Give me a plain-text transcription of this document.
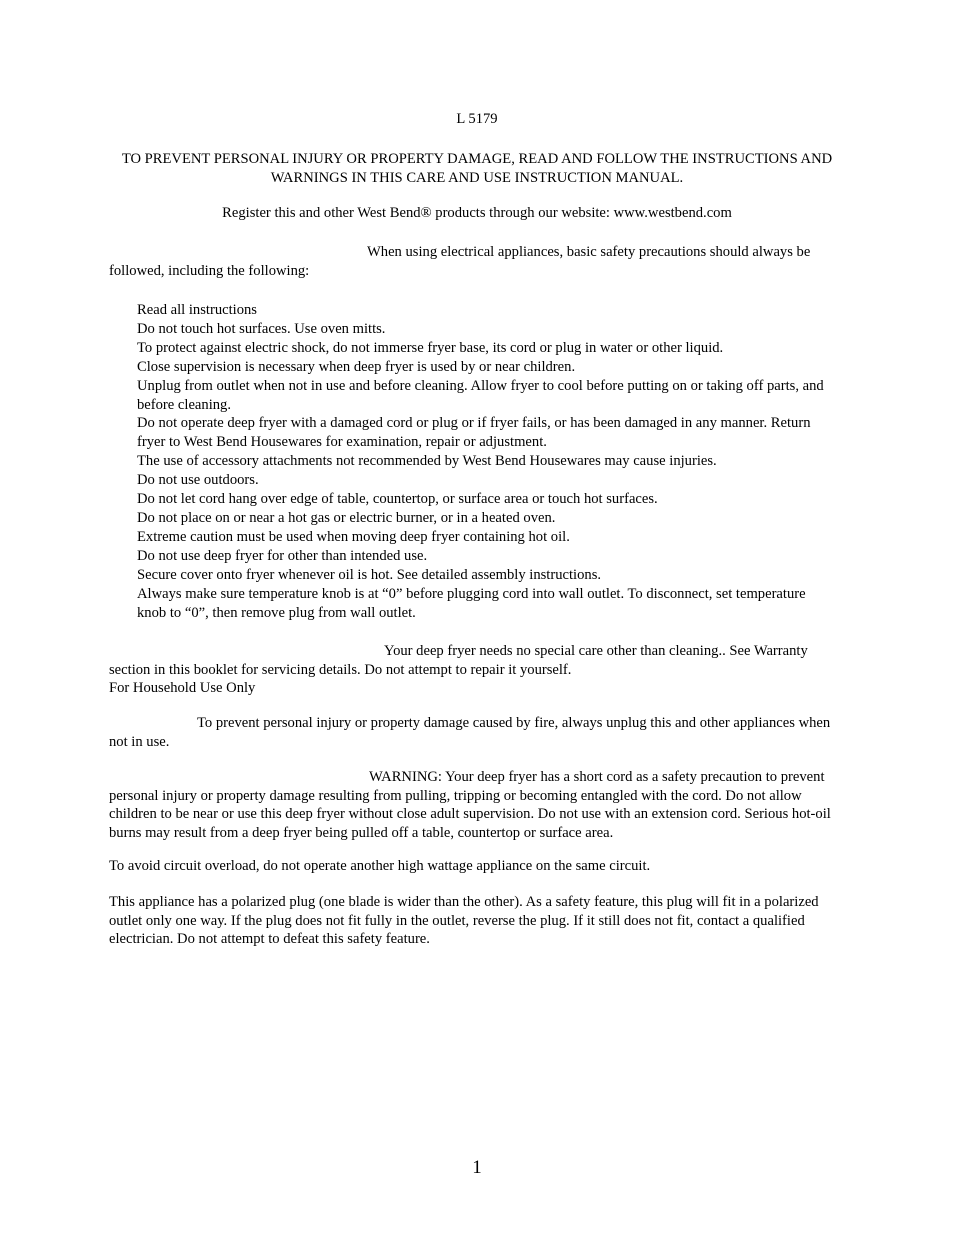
L 5179
TO PREVENT PERSONAL INJURY OR PROPERTY DAMAGE, READ AND FOLLOW THE INSTRUCTIONS AND WARNINGS IN THIS CARE AND USE INSTRUCTION MANUAL.
Register this and other West Bend® products through our website: www.westbend.com

When using electrical appliances, basic safety precautions should always be followed, including the following:

Read all instructions
Do not touch hot surfaces. Use oven mitts.
To protect against electric shock, do not immerse fryer base, its cord or plug in water or other liquid.
Close supervision is necessary when deep fryer is used by or near children.
Unplug from outlet when not in use and before cleaning. Allow fryer to cool before putting on or taking off parts, and before cleaning.
Do not operate deep fryer with a damaged cord or plug or if fryer fails, or has been damaged in any manner. Return fryer to West Bend Housewares for examination, repair or adjustment.
The use of accessory attachments not recommended by West Bend Housewares may cause injuries.
Do not use outdoors.
Do not let cord hang over edge of table, countertop, or surface area or touch hot surfaces.
Do not place on or near a hot gas or electric burner, or in a heated oven.
Extreme caution must be used when moving deep fryer containing hot oil.
Do not use deep fryer for other than intended use.
Secure cover onto fryer whenever oil is hot. See detailed assembly instructions.
Always make sure temperature knob is at “0” before plugging cord into wall outlet. To disconnect, set temperature knob to “0”, then remove plug from wall outlet.

Your deep fryer needs no special care other than cleaning.. See Warranty section in this booklet for servicing details. Do not attempt to repair it yourself.
For Household Use Only

To prevent personal injury or property damage caused by fire, always unplug this and other appliances when not in use.

WARNING: Your deep fryer has a short cord as a safety precaution to prevent personal injury or property damage resulting from pulling, tripping or becoming entangled with the cord. Do not allow children to be near or use this deep fryer without close adult supervision. Do not use with an extension cord. Serious hot-oil burns may result from a deep fryer being pulled off a table, countertop or surface area.

To avoid circuit overload, do not operate another high wattage appliance on the same circuit.

This appliance has a polarized plug (one blade is wider than the other). As a safety feature, this plug will fit in a polarized outlet only one way. If the plug does not fit fully in the outlet, reverse the plug. If it still does not fit, contact a qualified electrician. Do not attempt to defeat this safety feature.

1
